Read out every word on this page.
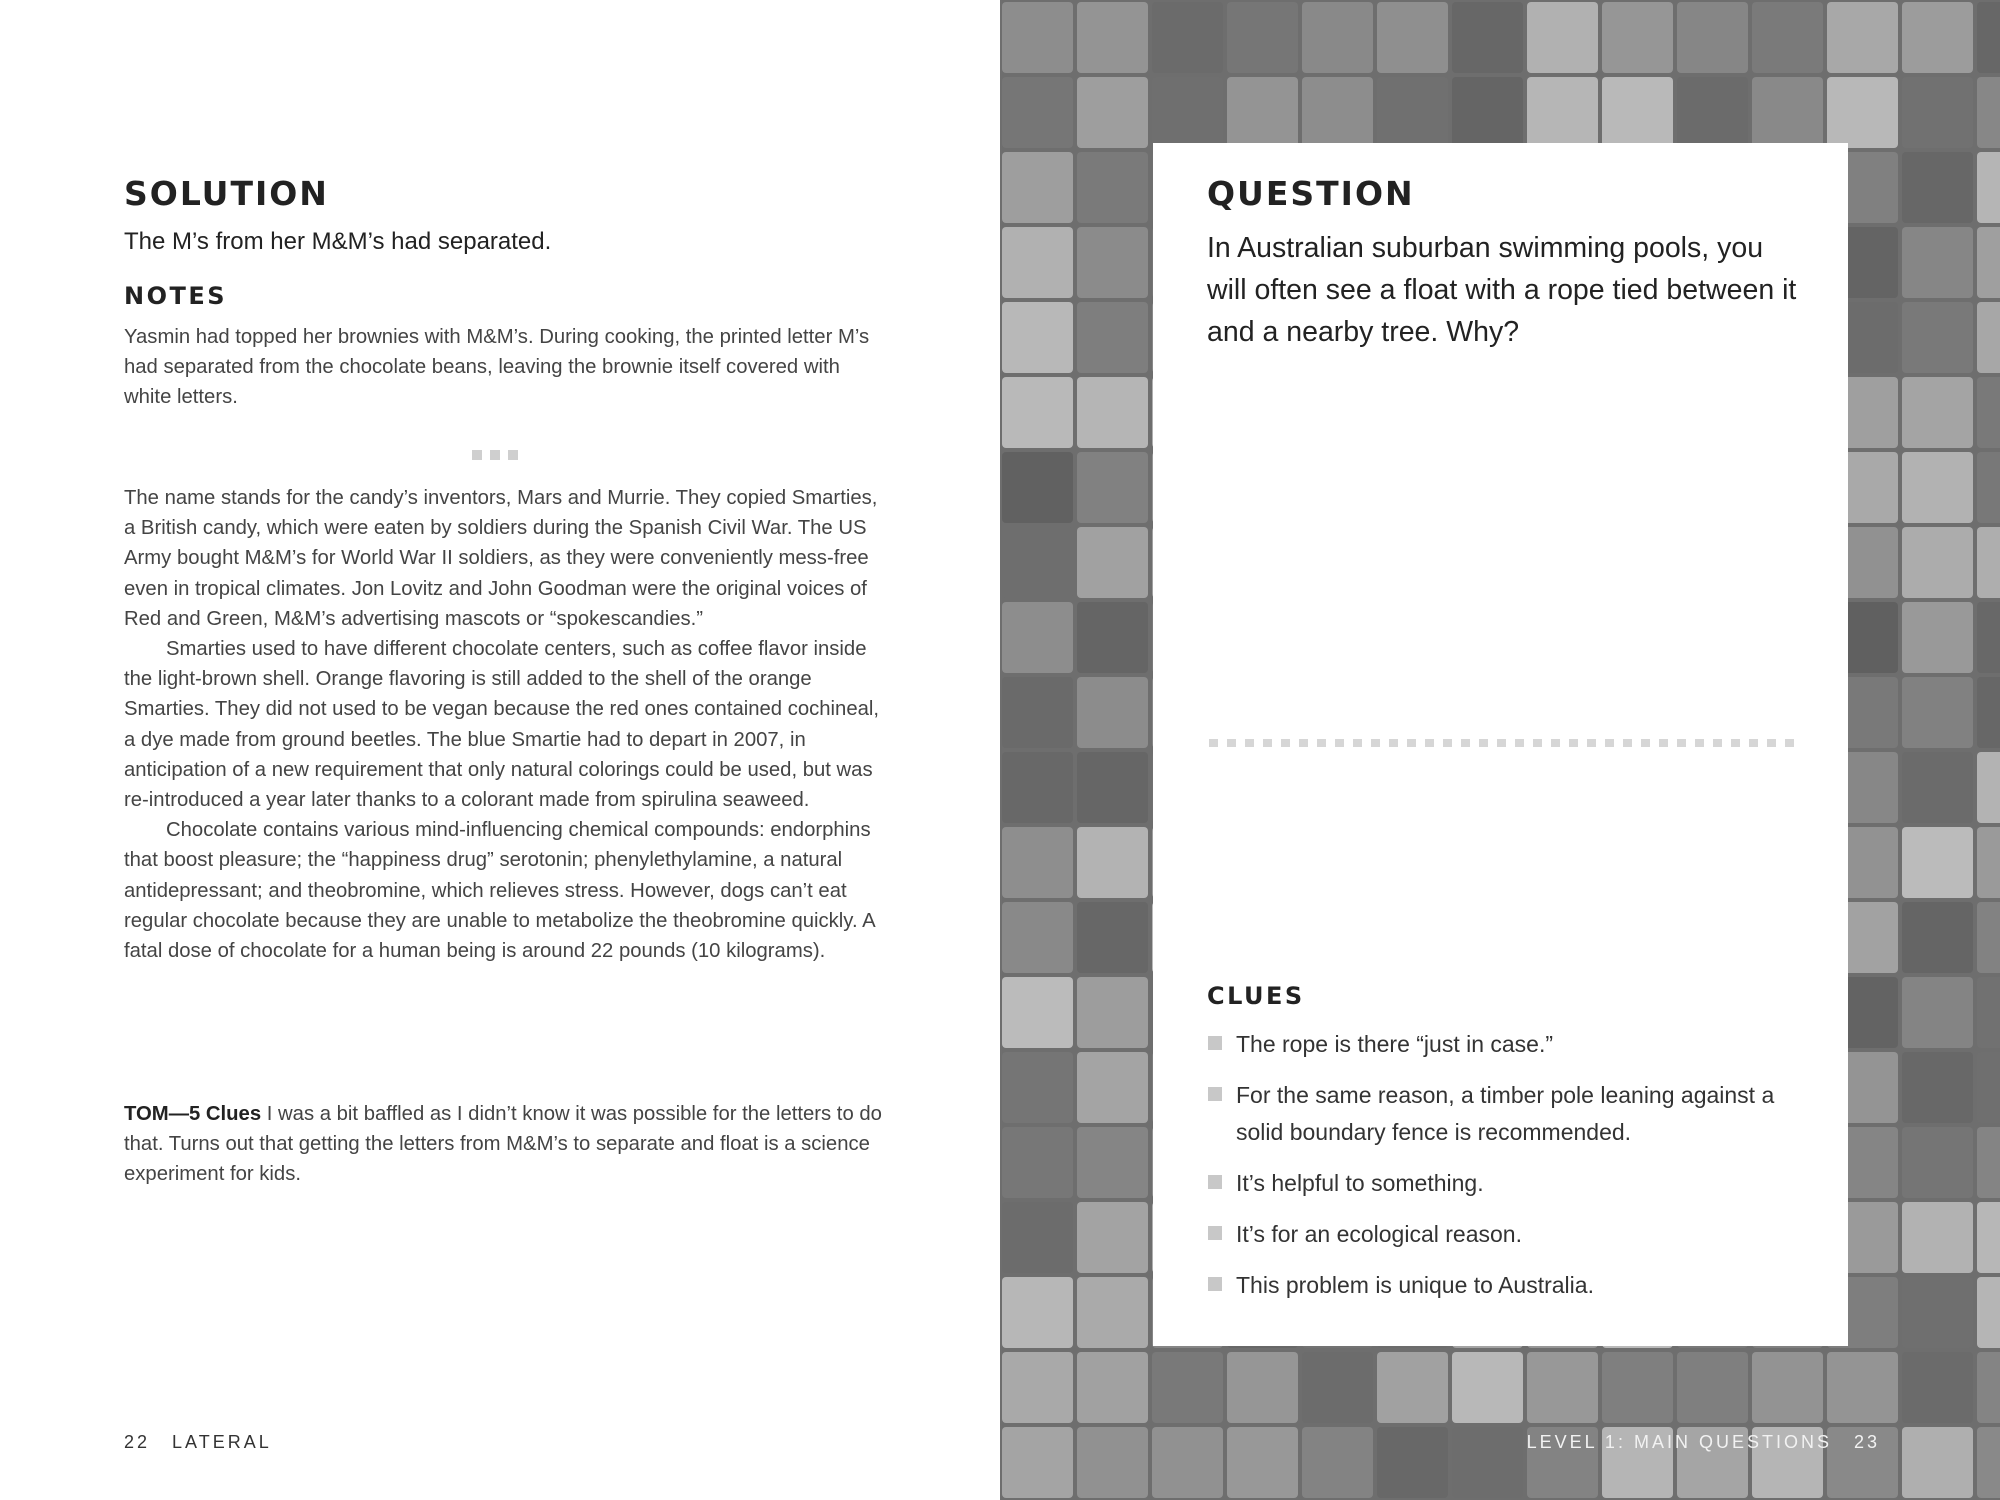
SOLUTION
The M’s from her M&M’s had separated.
NOTES
Yasmin had topped her brownies with M&M’s. During cooking, the printed letter M’s had separated from the chocolate beans, leaving the brownie itself covered with white letters.

The name stands for the candy’s inventors, Mars and Murrie. They copied Smarties, a British candy, which were eaten by soldiers during the Spanish Civil War. The US Army bought M&M’s for World War II soldiers, as they were conveniently mess-free even in tropical climates. Jon Lovitz and John Goodman were the original voices of Red and Green, M&M’s advertising mascots or “spokescandies.”

Smarties used to have different chocolate centers, such as coffee flavor inside the light-brown shell. Orange flavoring is still added to the shell of the orange Smarties. They did not used to be vegan because the red ones contained cochineal, a dye made from ground beetles. The blue Smartie had to depart in 2007, in anticipation of a new requirement that only natural colorings could be used, but was re-introduced a year later thanks to a colorant made from spirulina seaweed.

Chocolate contains various mind-influencing chemical compounds: endorphins that boost pleasure; the “happiness drug” serotonin; phenylethylamine, a natural antidepressant; and theobromine, which relieves stress. However, dogs can’t eat regular chocolate because they are unable to metabolize the theobromine quickly. A fatal dose of chocolate for a human being is around 22 pounds (10 kilograms).

TOM—5 Clues I was a bit baffled as I didn’t know it was possible for the letters to do that. Turns out that getting the letters from M&M’s to separate and float is a science experiment for kids.
22 LATERAL	LEVEL 1: MAIN QUESTIONS 23
QUESTION
In Australian suburban swimming pools, you will often see a float with a rope tied between it and a nearby tree. Why?
CLUES
The rope is there “just in case.”
For the same reason, a timber pole leaning against a solid boundary fence is recommended.
It’s helpful to something.
It’s for an ecological reason.
This problem is unique to Australia.
